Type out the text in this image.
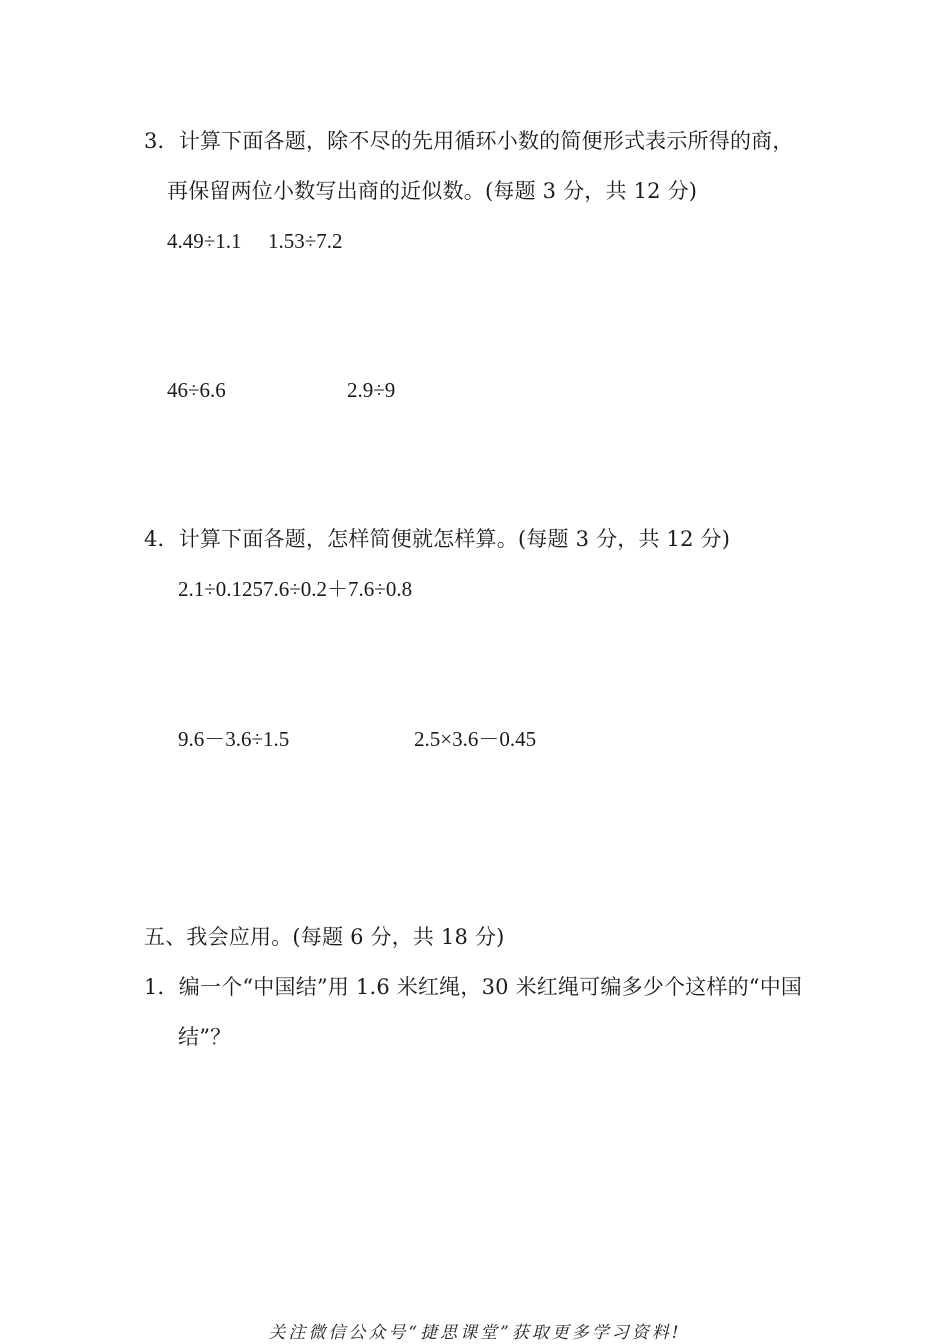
3．计算下面各题，除不尽的先用循环小数的简便形式表示所得的商，
再保留两位小数写出商的近似数。(每题 3 分，共 12 分)
4.49÷1.1 1.53÷7.2
46÷6.6	2.9÷9
4．计算下面各题，怎样简便就怎样算。(每题 3 分，共 12 分)
2.1÷0.1257.6÷0.2＋7.6÷0.8
9.6－3.6÷1.5	2.5×3.6－0.45
五、我会应用。(每题 6 分，共 18 分)
1．编一个“中国结”用 1.6 米红绳，30 米红绳可编多少个这样的“中国
结”？
关注微信公众号“捷思课堂”获取更多学习资料!
